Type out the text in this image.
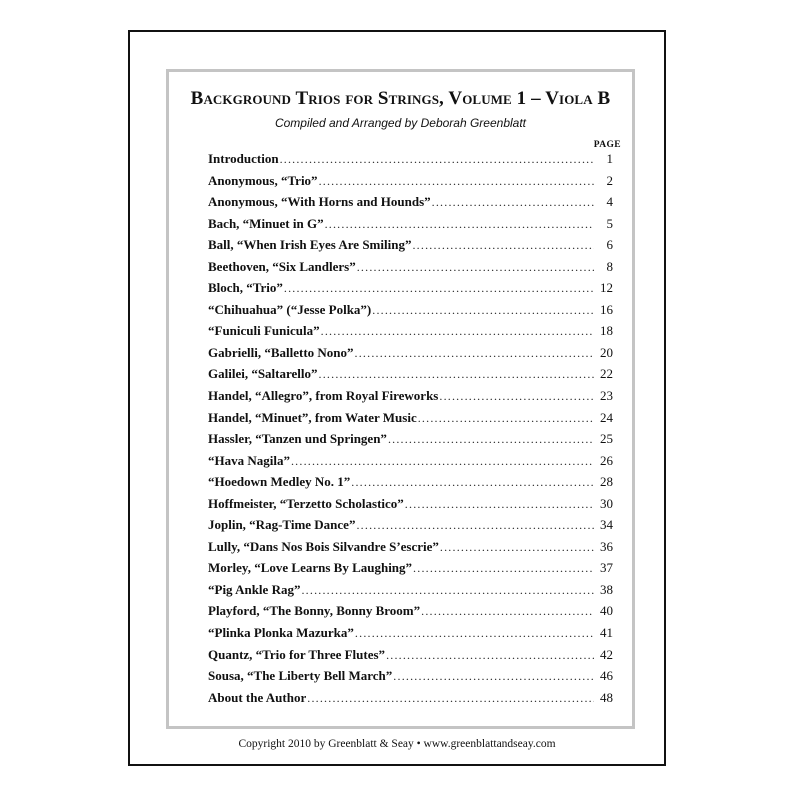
Background Trios for Strings, Volume 1 – Viola B
Compiled and Arranged by Deborah Greenblatt
PAGE
Introduction .....	1
Anonymous, “Trio” .....	2
Anonymous, “With Horns and Hounds” .....	4
Bach, “Minuet in G” .....	5
Ball, “When Irish Eyes Are Smiling” .....	6
Beethoven, “Six Landlers” .....	8
Bloch, “Trio” .....	12
“Chihuahua” (“Jesse Polka”) .....	16
“Funiculi Funicula” .....	18
Gabrielli, “Balletto Nono” .....	20
Galilei, “Saltarello” .....	22
Handel, “Allegro”, from Royal Fireworks .....	23
Handel, “Minuet”, from Water Music .....	24
Hassler, “Tanzen und Springen” .....	25
“Hava Nagila” .....	26
“Hoedown Medley No. 1” .....	28
Hoffmeister, “Terzetto Scholastico” .....	30
Joplin, “Rag-Time Dance” .....	34
Lully, “Dans Nos Bois Silvandre S’escrie” .....	36
Morley, “Love Learns By Laughing” .....	37
“Pig Ankle Rag” .....	38
Playford, “The Bonny, Bonny Broom” .....	40
“Plinka Plonka Mazurka” .....	41
Quantz, “Trio for Three Flutes” .....	42
Sousa, “The Liberty Bell March” .....	46
About the Author .....	48
Copyright 2010 by Greenblatt & Seay • www.greenblattandseay.com
